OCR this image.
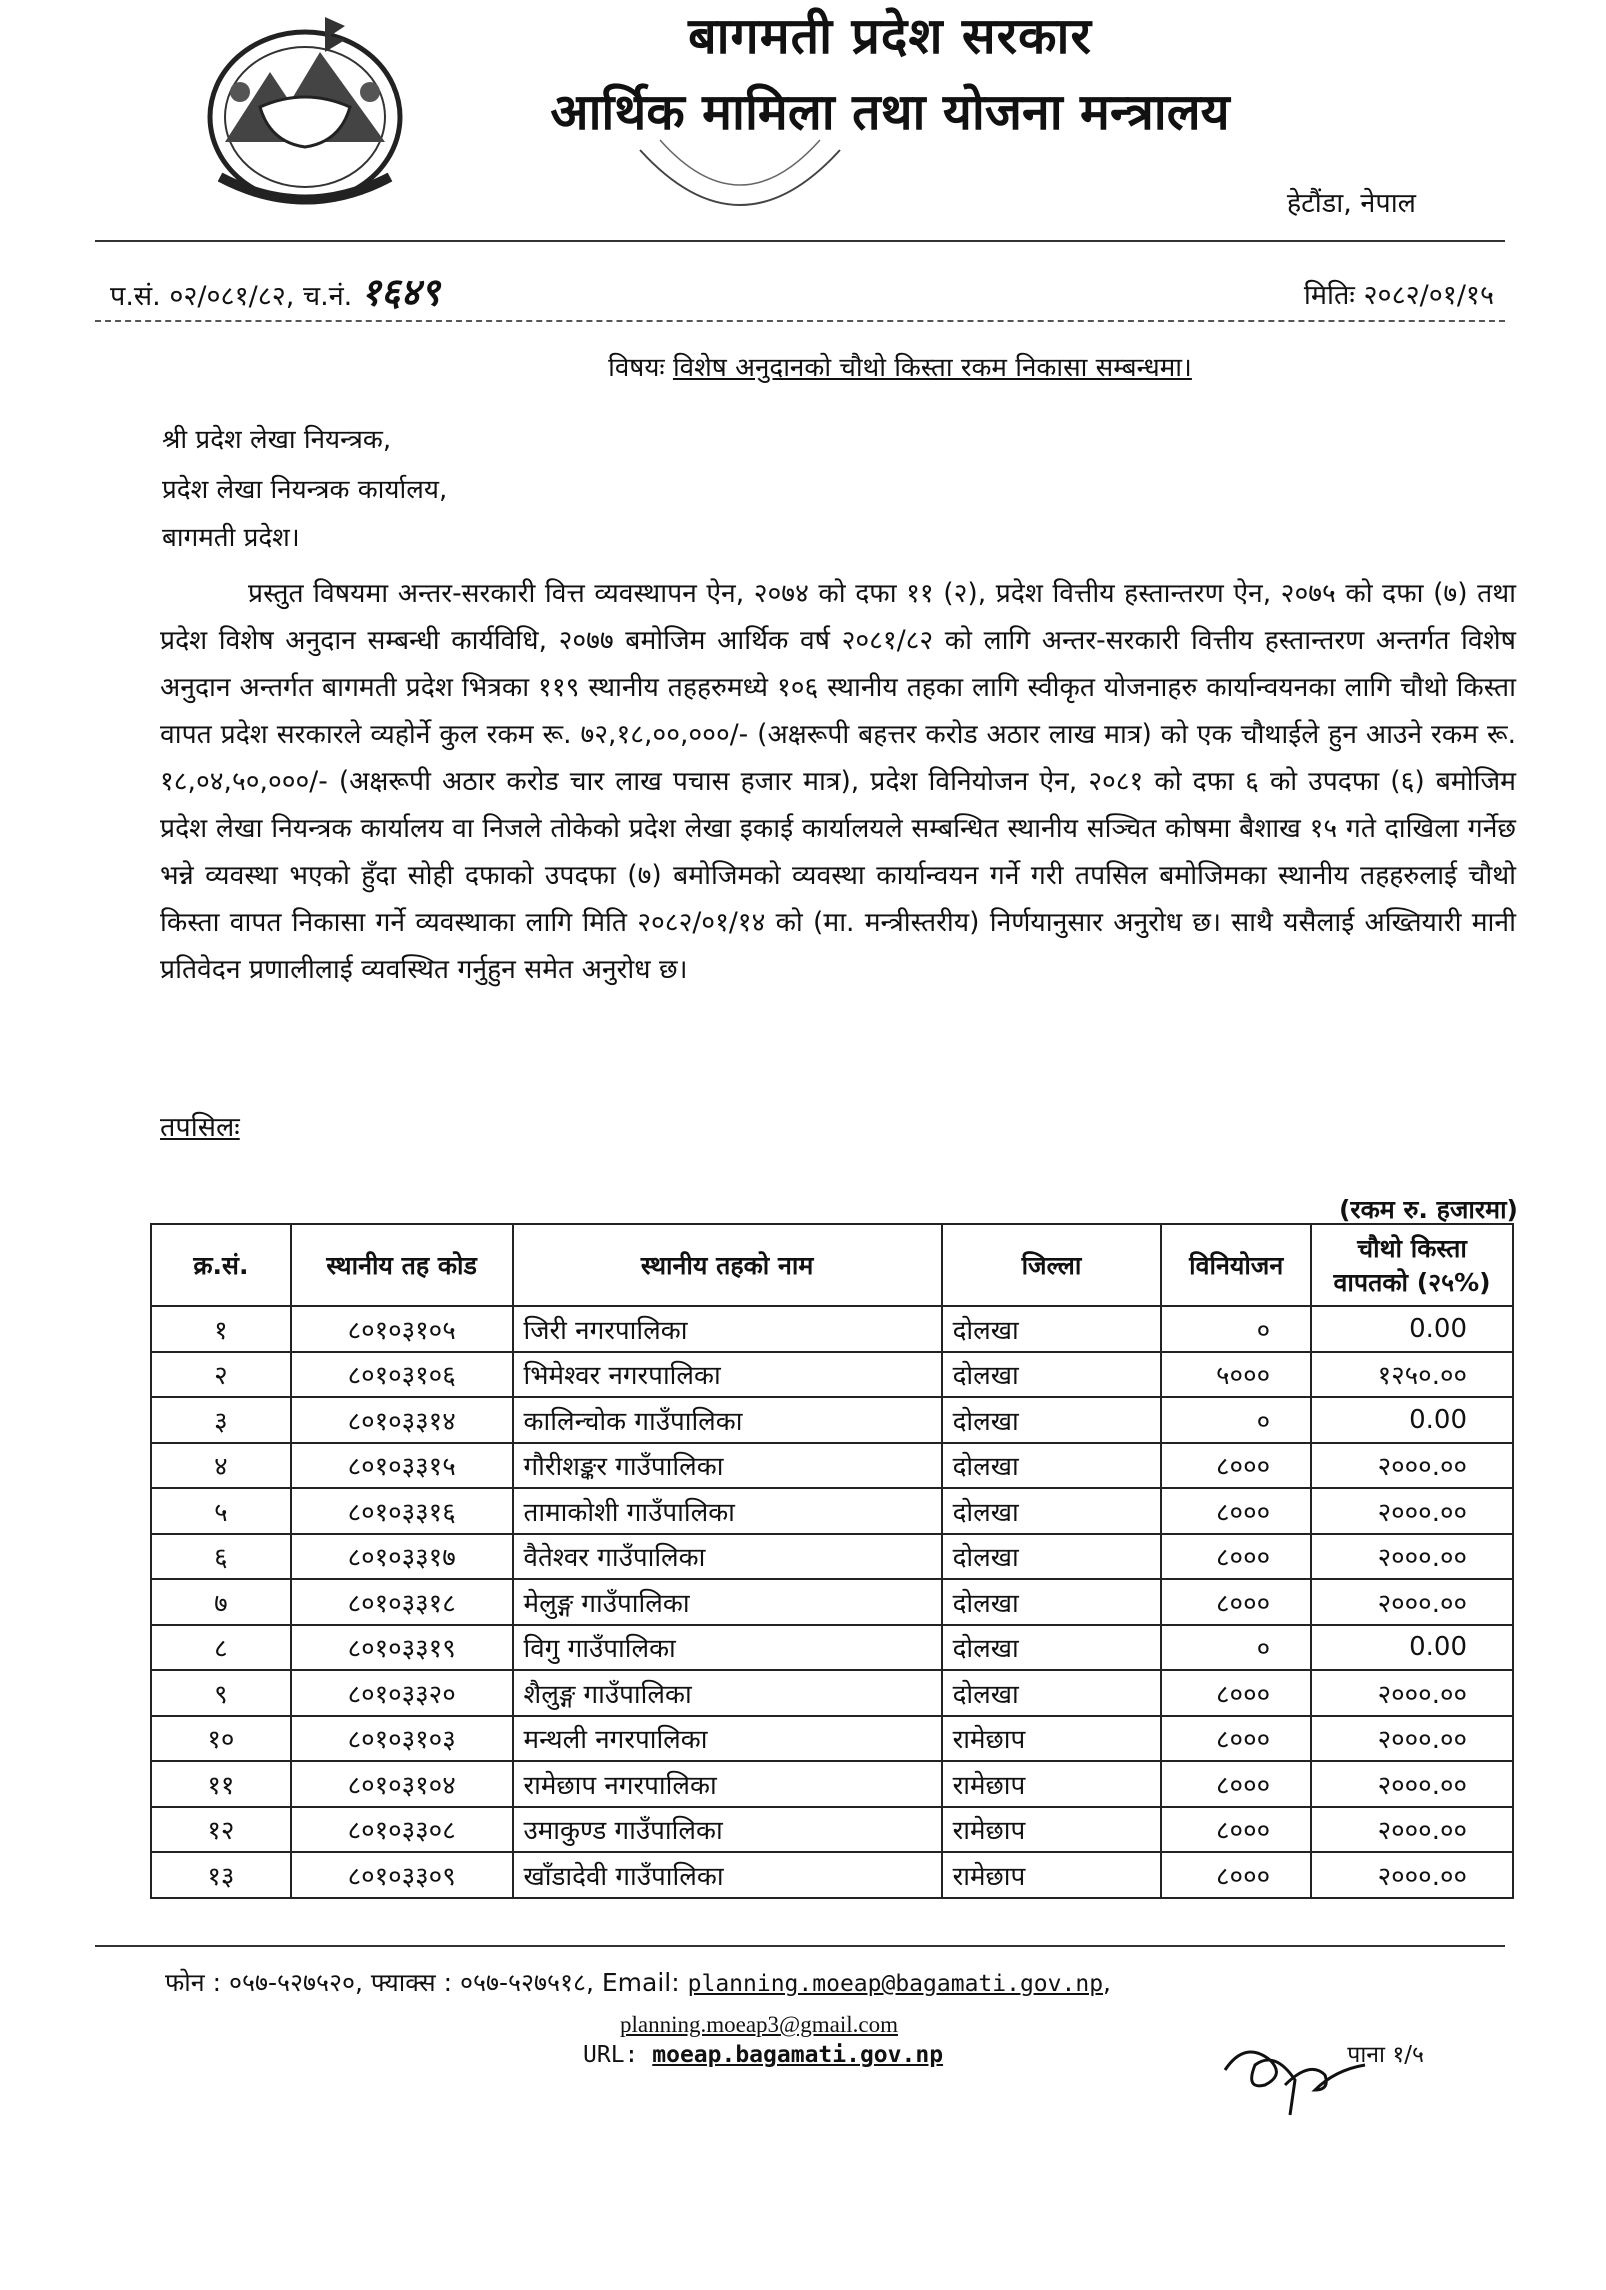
बागमती प्रदेश सरकार
आर्थिक मामिला तथा योजना मन्त्रालय
हेटौंडा, नेपाल
प.सं. ०२/०८१/८२, च.नं. १६४९	मितिः २०८२/०१/१५
विषयः विशेष अनुदानको चौथो किस्ता रकम निकासा सम्बन्धमा।
श्री प्रदेश लेखा नियन्त्रक,
प्रदेश लेखा नियन्त्रक कार्यालय,
बागमती प्रदेश।
प्रस्तुत विषयमा अन्तर-सरकारी वित्त व्यवस्थापन ऐन, २०७४ को दफा ११ (२), प्रदेश वित्तीय हस्तान्तरण ऐन, २०७५ को दफा (७) तथा प्रदेश विशेष अनुदान सम्बन्धी कार्यविधि, २०७७ बमोजिम आर्थिक वर्ष २०८१/८२ को लागि अन्तर-सरकारी वित्तीय हस्तान्तरण अन्तर्गत विशेष अनुदान अन्तर्गत बागमती प्रदेश भित्रका ११९ स्थानीय तहहरुमध्ये १०६ स्थानीय तहका लागि स्वीकृत योजनाहरु कार्यान्वयनका लागि चौथो किस्ता वापत प्रदेश सरकारले व्यहोर्ने कुल रकम रू. ७२,१८,००,०००/- (अक्षरूपी बहत्तर करोड अठार लाख मात्र) को एक चौथाईले हुन आउने रकम रू. १८,०४,५०,०००/- (अक्षरूपी अठार करोड चार लाख पचास हजार मात्र), प्रदेश विनियोजन ऐन, २०८१ को दफा ६ को उपदफा (६) बमोजिम प्रदेश लेखा नियन्त्रक कार्यालय वा निजले तोकेको प्रदेश लेखा इकाई कार्यालयले सम्बन्धित स्थानीय सञ्चित कोषमा बैशाख १५ गते दाखिला गर्नेछ भन्ने व्यवस्था भएको हुँदा सोही दफाको उपदफा (७) बमोजिमको व्यवस्था कार्यान्वयन गर्ने गरी तपसिल बमोजिमका स्थानीय तहहरुलाई चौथो किस्ता वापत निकासा गर्ने व्यवस्थाका लागि मिति २०८२/०१/१४ को (मा. मन्त्रीस्तरीय) निर्णयानुसार अनुरोध छ। साथै यसैलाई अख्तियारी मानी प्रतिवेदन प्रणालीलाई व्यवस्थित गर्नुहुन समेत अनुरोध छ।
तपसिलः
(रकम रु. हजारमा)
क्र.सं.	स्थानीय तह कोड	स्थानीय तहको नाम	जिल्ला	विनियोजन	चौथो किस्ता वापतको (२५%)
१	८०१०३१०५	जिरी नगरपालिका	दोलखा	०	0.00
२	८०१०३१०६	भिमेश्वर नगरपालिका	दोलखा	५०००	१२५०.००
३	८०१०३३१४	कालिन्चोक गाउँपालिका	दोलखा	०	0.00
४	८०१०३३१५	गौरीशङ्कर गाउँपालिका	दोलखा	८०००	२०००.००
५	८०१०३३१६	तामाकोशी गाउँपालिका	दोलखा	८०००	२०००.००
६	८०१०३३१७	वैतेश्वर गाउँपालिका	दोलखा	८०००	२०००.००
७	८०१०३३१८	मेलुङ्ग गाउँपालिका	दोलखा	८०००	२०००.००
८	८०१०३३१९	विगु गाउँपालिका	दोलखा	०	0.00
९	८०१०३३२०	शैलुङ्ग गाउँपालिका	दोलखा	८०००	२०००.००
१०	८०१०३१०३	मन्थली नगरपालिका	रामेछाप	८०००	२०००.००
११	८०१०३१०४	रामेछाप नगरपालिका	रामेछाप	८०००	२०००.००
१२	८०१०३३०८	उमाकुण्ड गाउँपालिका	रामेछाप	८०००	२०००.००
१३	८०१०३३०९	खाँडादेवी गाउँपालिका	रामेछाप	८०००	२०००.००
फोन : ०५७-५२७५२०, फ्याक्स : ०५७-५२७५१८, Email: planning.moeap@bagamati.gov.np,
planning.moeap3@gmail.com
URL: moeap.bagamati.gov.np	पाना १/५
